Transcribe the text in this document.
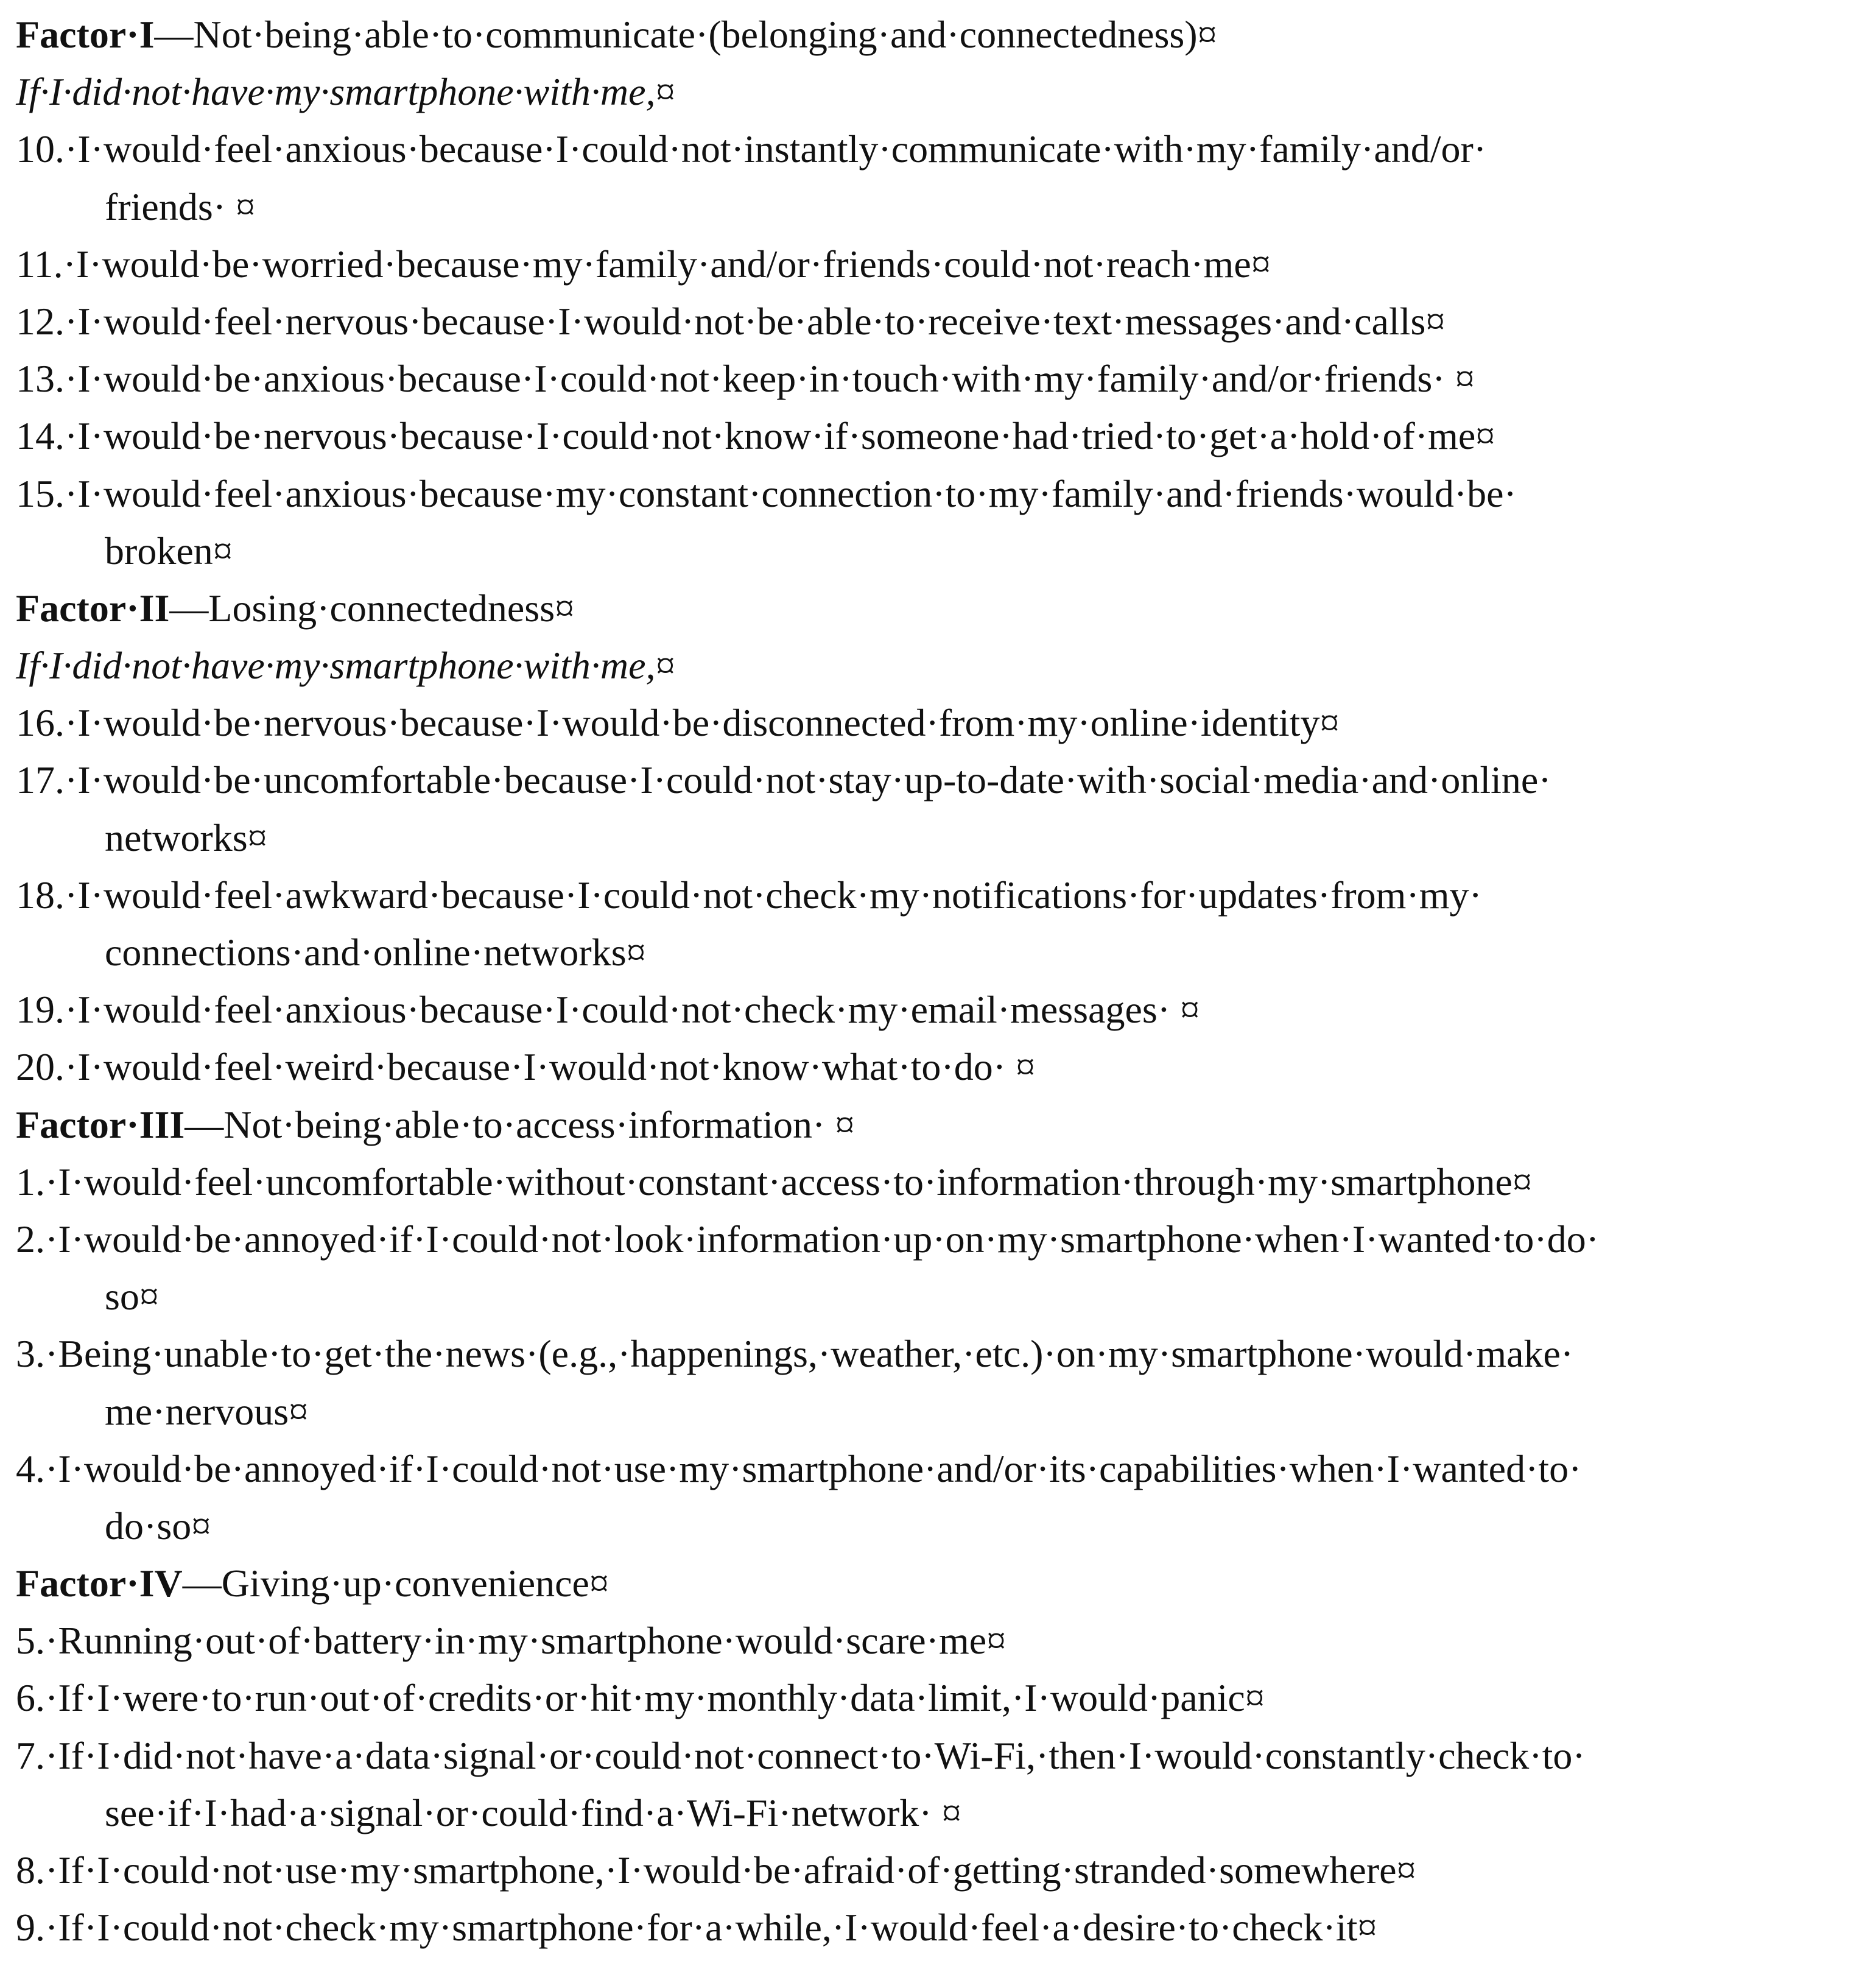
Factor·I—Not·being·able·to·communicate·(belonging·and·connectedness)¤
If·I·did·not·have·my·smartphone·with·me,¤
10.·I·would·feel·anxious·because·I·could·not·instantly·communicate·with·my·family·and/or·
friends· ¤
11.·I·would·be·worried·because·my·family·and/or·friends·could·not·reach·me¤
12.·I·would·feel·nervous·because·I·would·not·be·able·to·receive·text·messages·and·calls¤
13.·I·would·be·anxious·because·I·could·not·keep·in·touch·with·my·family·and/or·friends· ¤
14.·I·would·be·nervous·because·I·could·not·know·if·someone·had·tried·to·get·a·hold·of·me¤
15.·I·would·feel·anxious·because·my·constant·connection·to·my·family·and·friends·would·be·
broken¤
Factor·II—Losing·connectedness¤
If·I·did·not·have·my·smartphone·with·me,¤
16.·I·would·be·nervous·because·I·would·be·disconnected·from·my·online·identity¤
17.·I·would·be·uncomfortable·because·I·could·not·stay·up-to-date·with·social·media·and·online·
networks¤
18.·I·would·feel·awkward·because·I·could·not·check·my·notifications·for·updates·from·my·
connections·and·online·networks¤
19.·I·would·feel·anxious·because·I·could·not·check·my·email·messages· ¤
20.·I·would·feel·weird·because·I·would·not·know·what·to·do· ¤
Factor·III—Not·being·able·to·access·information· ¤
1.·I·would·feel·uncomfortable·without·constant·access·to·information·through·my·smartphone¤
2.·I·would·be·annoyed·if·I·could·not·look·information·up·on·my·smartphone·when·I·wanted·to·do·
so¤
3.·Being·unable·to·get·the·news·(e.g.,·happenings,·weather,·etc.)·on·my·smartphone·would·make·
me·nervous¤
4.·I·would·be·annoyed·if·I·could·not·use·my·smartphone·and/or·its·capabilities·when·I·wanted·to·
do·so¤
Factor·IV—Giving·up·convenience¤
5.·Running·out·of·battery·in·my·smartphone·would·scare·me¤
6.·If·I·were·to·run·out·of·credits·or·hit·my·monthly·data·limit,·I·would·panic¤
7.·If·I·did·not·have·a·data·signal·or·could·not·connect·to·Wi-Fi,·then·I·would·constantly·check·to·
see·if·I·had·a·signal·or·could·find·a·Wi-Fi·network· ¤
8.·If·I·could·not·use·my·smartphone,·I·would·be·afraid·of·getting·stranded·somewhere¤
9.·If·I·could·not·check·my·smartphone·for·a·while,·I·would·feel·a·desire·to·check·it¤
